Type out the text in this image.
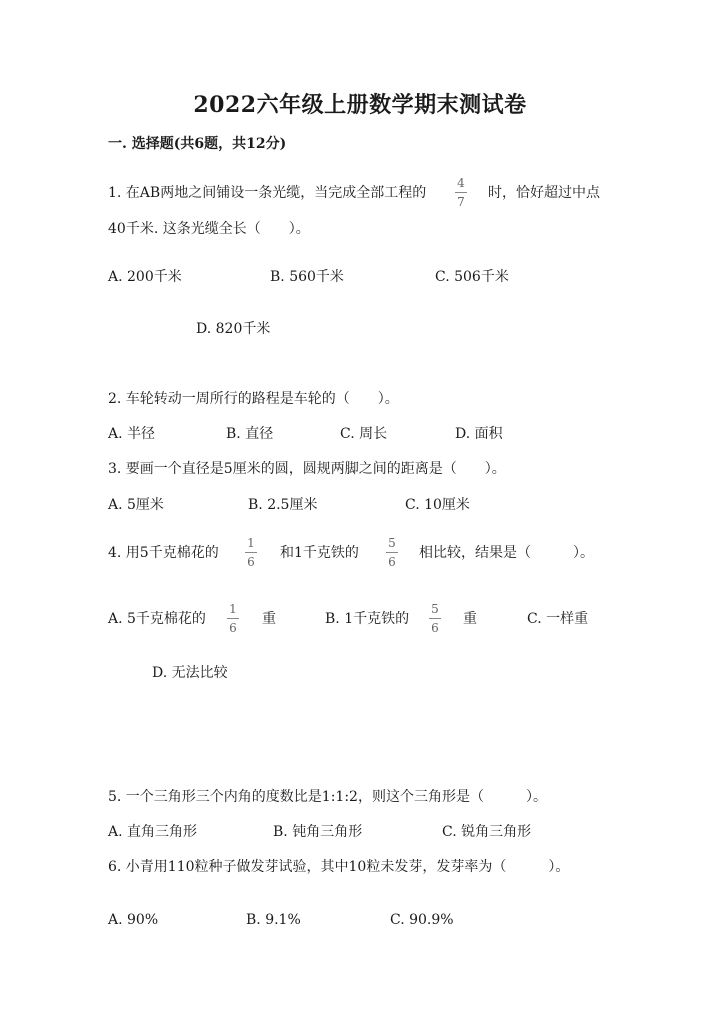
2022六年级上册数学期末测试卷
一. 选择题(共6题，共12分)
1. 在AB两地之间铺设一条光缆，当完成全部工程的
4
7
时，恰好超过中点
40千米. 这条光缆全长（　　）。
A. 200千米	B. 560千米	C. 506千米
D. 820千米
2. 车轮转动一周所行的路程是车轮的（　　）。
A. 半径	B. 直径	C. 周长	D. 面积
3. 要画一个直径是5厘米的圆，圆规两脚之间的距离是（　　）。
A. 5厘米	B. 2.5厘米	C. 10厘米
4. 用5千克棉花的
1
6
和1千克铁的
5
6
相比较，结果是（　　　）。
A. 5千克棉花的
1
6
重	B. 1千克铁的
5
6
重	C. 一样重
D. 无法比较
5. 一个三角形三个内角的度数比是1:1:2，则这个三角形是（　　　）。
A. 直角三角形	B. 钝角三角形	C. 锐角三角形
6. 小青用110粒种子做发芽试验，其中10粒未发芽，发芽率为（　　　）。
A. 90%	B. 9.1%	C. 90.9%
